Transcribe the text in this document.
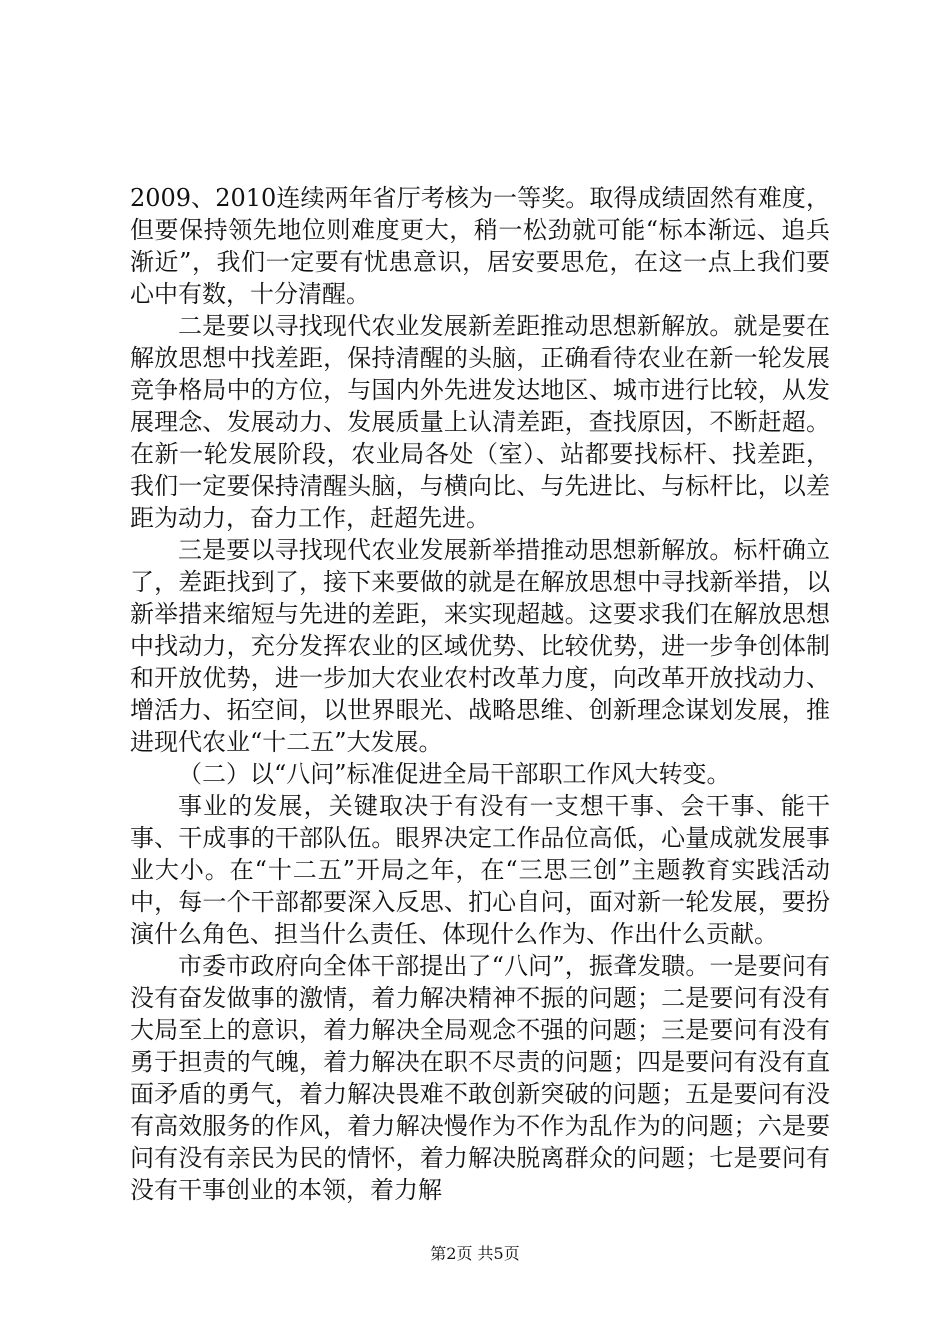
2009、2010连续两年省厅考核为一等奖。取得成绩固然有难度，但要保持领先地位则难度更大，稍一松劲就可能“标本渐远、追兵渐近”，我们一定要有忧患意识，居安要思危，在这一点上我们要心中有数，十分清醒。

二是要以寻找现代农业发展新差距推动思想新解放。就是要在解放思想中找差距，保持清醒的头脑，正确看待农业在新一轮发展竞争格局中的方位，与国内外先进发达地区、城市进行比较，从发展理念、发展动力、发展质量上认清差距，查找原因，不断赶超。在新一轮发展阶段，农业局各处（室）、站都要找标杆、找差距，我们一定要保持清醒头脑，与横向比、与先进比、与标杆比，以差距为动力，奋力工作，赶超先进。

三是要以寻找现代农业发展新举措推动思想新解放。标杆确立了，差距找到了，接下来要做的就是在解放思想中寻找新举措，以新举措来缩短与先进的差距，来实现超越。这要求我们在解放思想中找动力，充分发挥农业的区域优势、比较优势，进一步争创体制和开放优势，进一步加大农业农村改革力度，向改革开放找动力、增活力、拓空间，以世界眼光、战略思维、创新理念谋划发展，推进现代农业“十二五”大发展。

（二）以“八问”标准促进全局干部职工作风大转变。

事业的发展，关键取决于有没有一支想干事、会干事、能干事、干成事的干部队伍。眼界决定工作品位高低，心量成就发展事业大小。在“十二五”开局之年，在“三思三创”主题教育实践活动中，每一个干部都要深入反思、扪心自问，面对新一轮发展，要扮演什么角色、担当什么责任、体现什么作为、作出什么贡献。

市委市政府向全体干部提出了“八问”，振聋发聩。一是要问有没有奋发做事的激情，着力解决精神不振的问题；二是要问有没有大局至上的意识，着力解决全局观念不强的问题；三是要问有没有勇于担责的气魄，着力解决在职不尽责的问题；四是要问有没有直面矛盾的勇气，着力解决畏难不敢创新突破的问题；五是要问有没有高效服务的作风，着力解决慢作为不作为乱作为的问题；六是要问有没有亲民为民的情怀，着力解决脱离群众的问题；七是要问有没有干事创业的本领，着力解

第2页 共5页
